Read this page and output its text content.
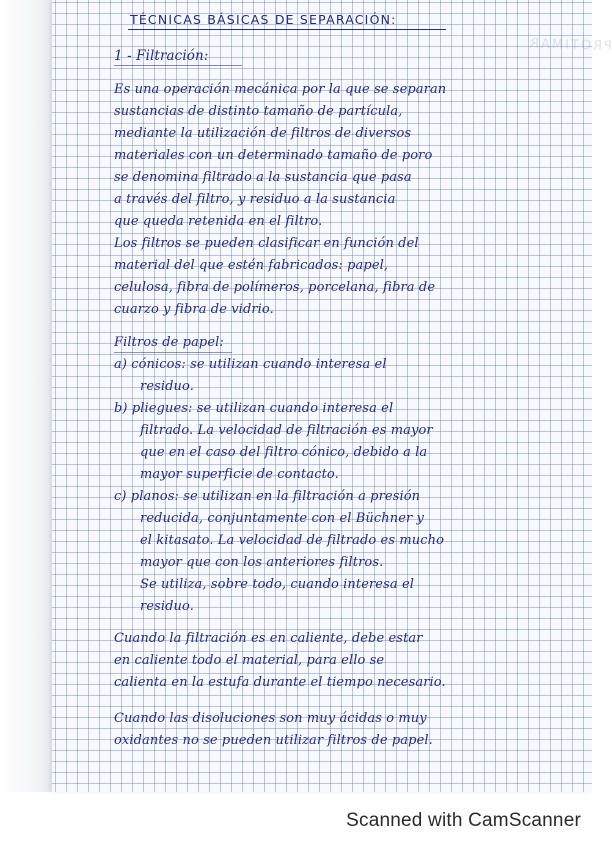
PROTIMAR

TÉCNICAS BÁSICAS DE SEPARACIÓN:

1 - Filtración:

Es una operación mecánica por la que se separan

sustancias de distinto tamaño de partícula,

mediante la utilización de filtros de diversos

materiales con un determinado tamaño de poro

se denomina filtrado a la sustancia que pasa

a través del filtro, y residuo a la sustancia

que queda retenida en el filtro.

Los filtros se pueden clasificar en función del

material del que estén fabricados: papel,

celulosa, fibra de polímeros, porcelana, fibra de

cuarzo y fibra de vidrio.

Filtros de papel:

a) cónicos: se utilizan cuando interesa el

residuo.

b) pliegues: se utilizan cuando interesa el

filtrado. La velocidad de filtración es mayor

que en el caso del filtro cónico, debido a la

mayor superficie de contacto.

c) planos: se utilizan en la filtración a presión

reducida, conjuntamente con el Büchner y

el kitasato. La velocidad de filtrado es mucho

mayor que con los anteriores filtros.

Se utiliza, sobre todo, cuando interesa el

residuo.

Cuando la filtración es en caliente, debe estar

en caliente todo el material, para ello se

calienta en la estufa durante el tiempo necesario.

Cuando las disoluciones son muy ácidas o muy

oxidantes no se pueden utilizar filtros de papel.

Scanned with CamScanner
